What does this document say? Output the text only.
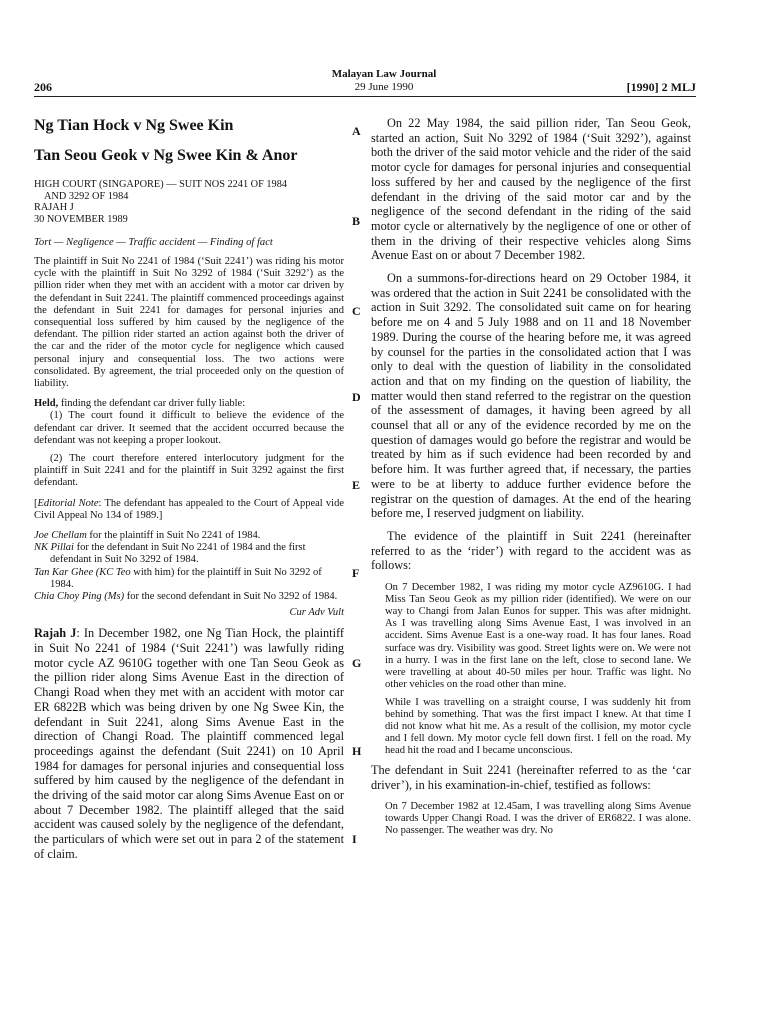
206
Malayan Law Journal
29 June 1990	[1990] 2 MLJ

Ng Tian Hock v Ng Swee Kin

Tan Seou Geok v Ng Swee Kin & Anor

HIGH COURT (SINGAPORE) — SUIT NOS 2241 OF 1984
AND 3292 OF 1984
RAJAH J
30 NOVEMBER 1989

Tort — Negligence — Traffic accident — Finding of fact

The plaintiff in Suit No 2241 of 1984 (‘Suit 2241’) was riding his motor cycle with the plaintiff in Suit No 3292 of 1984 (‘Suit 3292’) as the pillion rider when they met with an accident with a motor car driven by the defendant in Suit 2241. The plaintiff commenced proceedings against the defendant in Suit 2241 for damages for personal injuries and consequential loss suffered by him caused by the negligence of the defendant. The pillion rider started an action against both the driver of the car and the rider of the motor cycle for negligence which caused personal injury and consequential loss. The two actions were consolidated. By agreement, the trial proceeded only on the question of liability.

Held, finding the defendant car driver fully liable:

(1) The court found it difficult to believe the evidence of the defendant car driver. It seemed that the accident occurred because the defendant was not keeping a proper lookout.

(2) The court therefore entered interlocutory judgment for the plaintiff in Suit 2241 and for the plaintiff in Suit 3292 against the first defendant.

[Editorial Note: The defendant has appealed to the Court of Appeal vide Civil Appeal No 134 of 1989.]

Joe Chellam for the plaintiff in Suit No 2241 of 1984.

NK Pillai for the defendant in Suit No 2241 of 1984 and the first defendant in Suit No 3292 of 1984.

Tan Kar Ghee (KC Teo with him) for the plaintiff in Suit No 3292 of 1984.

Chia Choy Ping (Ms) for the second defendant in Suit No 3292 of 1984.

Cur Adv Vult

Rajah J: In December 1982, one Ng Tian Hock, the plaintiff in Suit No 2241 of 1984 (‘Suit 2241’) was lawfully riding motor cycle AZ 9610G together with one Tan Seou Geok as the pillion rider along Sims Avenue East in the direction of Changi Road when they met with an accident with motor car ER 6822B which was being driven by one Ng Swee Kin, the defendant in Suit 2241, along Sims Avenue East in the direction of Changi Road. The plaintiff commenced legal proceedings against the defendant (Suit 2241) on 10 April 1984 for damages for personal injuries and consequential loss suffered by him caused by the negligence of the defendant in the driving of the said motor car along Sims Avenue East on or about 7 December 1982. The plaintiff alleged that the said accident was caused solely by the negligence of the defendant, the particulars of which were set out in para 2 of the statement of claim.

A
B
C
D
E
F
G
H
I

On 22 May 1984, the said pillion rider, Tan Seou Geok, started an action, Suit No 3292 of 1984 (‘Suit 3292’), against both the driver of the said motor vehicle and the rider of the said motor cycle for damages for personal injuries and consequential loss suffered by her and caused by the negligence of the first defendant in the driving of the said motor car and by the negligence of the second defendant in the riding of the said motor cycle or alternatively by the negligence of one or other of them in the driving of their respective vehicles along Sims Avenue East on or about 7 December 1982.

On a summons-for-directions heard on 29 October 1984, it was ordered that the action in Suit 2241 be consolidated with the action in Suit 3292. The consolidated suit came on for hearing before me on 4 and 5 July 1988 and on 11 and 18 November 1989. During the course of the hearing before me, it was agreed by counsel for the parties in the consolidated action that I was only to deal with the question of liability in the consolidated action and that on my finding on the question of liability, the matter would then stand referred to the registrar on the question of the assessment of damages, it having been agreed by all counsel that all or any of the evidence recorded by me on the question of damages would go before the registrar and would be treated by him as if such evidence had been recorded by and before him. It was further agreed that, if necessary, the parties were to be at liberty to adduce further evidence before the registrar on the question of damages. At the end of the hearing before me, I reserved judgment on liability.

The evidence of the plaintiff in Suit 2241 (hereinafter referred to as the ‘rider’) with regard to the accident was as follows:

On 7 December 1982, I was riding my motor cycle AZ9610G. I had Miss Tan Seou Geok as my pillion rider (identified). We were on our way to Changi from Jalan Eunos for supper. This was after midnight. As I was travelling along Sims Avenue East, I was involved in an accident. Sims Avenue East is a one-way road. It has four lanes. Road surface was dry. Visibility was good. Street lights were on. We were not in a hurry. I was in the first lane on the left, close to second lane. We were travelling at about 40-50 miles per hour. Traffic was light. No other vehicles on the road other than mine.

While I was travelling on a straight course, I was suddenly hit from behind by something. That was the first impact I knew. At that time I did not know what hit me. As a result of the collision, my motor cycle and I fell down. My motor cycle fell down first. I fell on the road. My head hit the road and I became unconscious.

The defendant in Suit 2241 (hereinafter referred to as the ‘car driver’), in his examination-in-chief, testified as follows:

On 7 December 1982 at 12.45am, I was travelling along Sims Avenue towards Upper Changi Road. I was the driver of ER6822. I was alone. No passenger. The weather was dry. No
